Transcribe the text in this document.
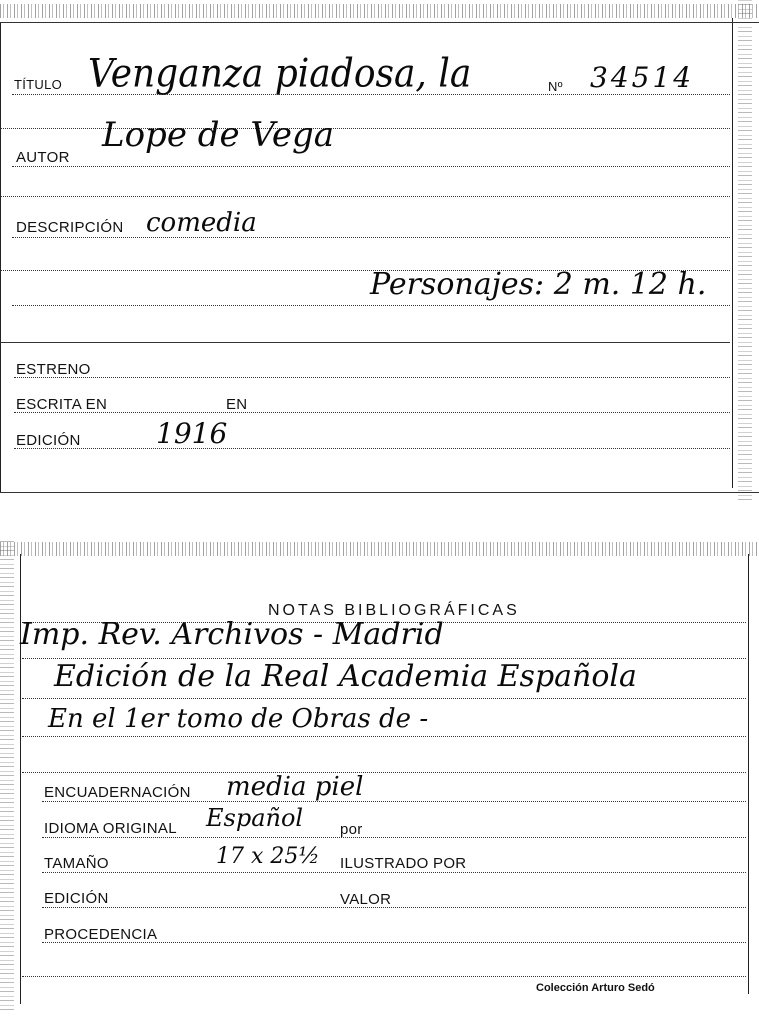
TÍTULO Venganza piadosa, la	Nº 34514
AUTOR
Lope de Vega
DESCRIPCIÓN comedia
Personajes: 2 m. 12 h.
ESTRENO
ESCRITA EN	EN
EDICIÓN	1916
NOTAS BIBLIOGRÁFICAS
Imp. Rev. Archivos - Madrid
Edición de la Real Academia Española
En el 1er tomo de Obras de -
ENCUADERNACIÓN media piel
IDIOMA ORIGINAL Español por
TAMAÑO	17 x 25½ ILUSTRADO POR
EDICIÓN	VALOR
PROCEDENCIA
Colección Arturo Sedó
